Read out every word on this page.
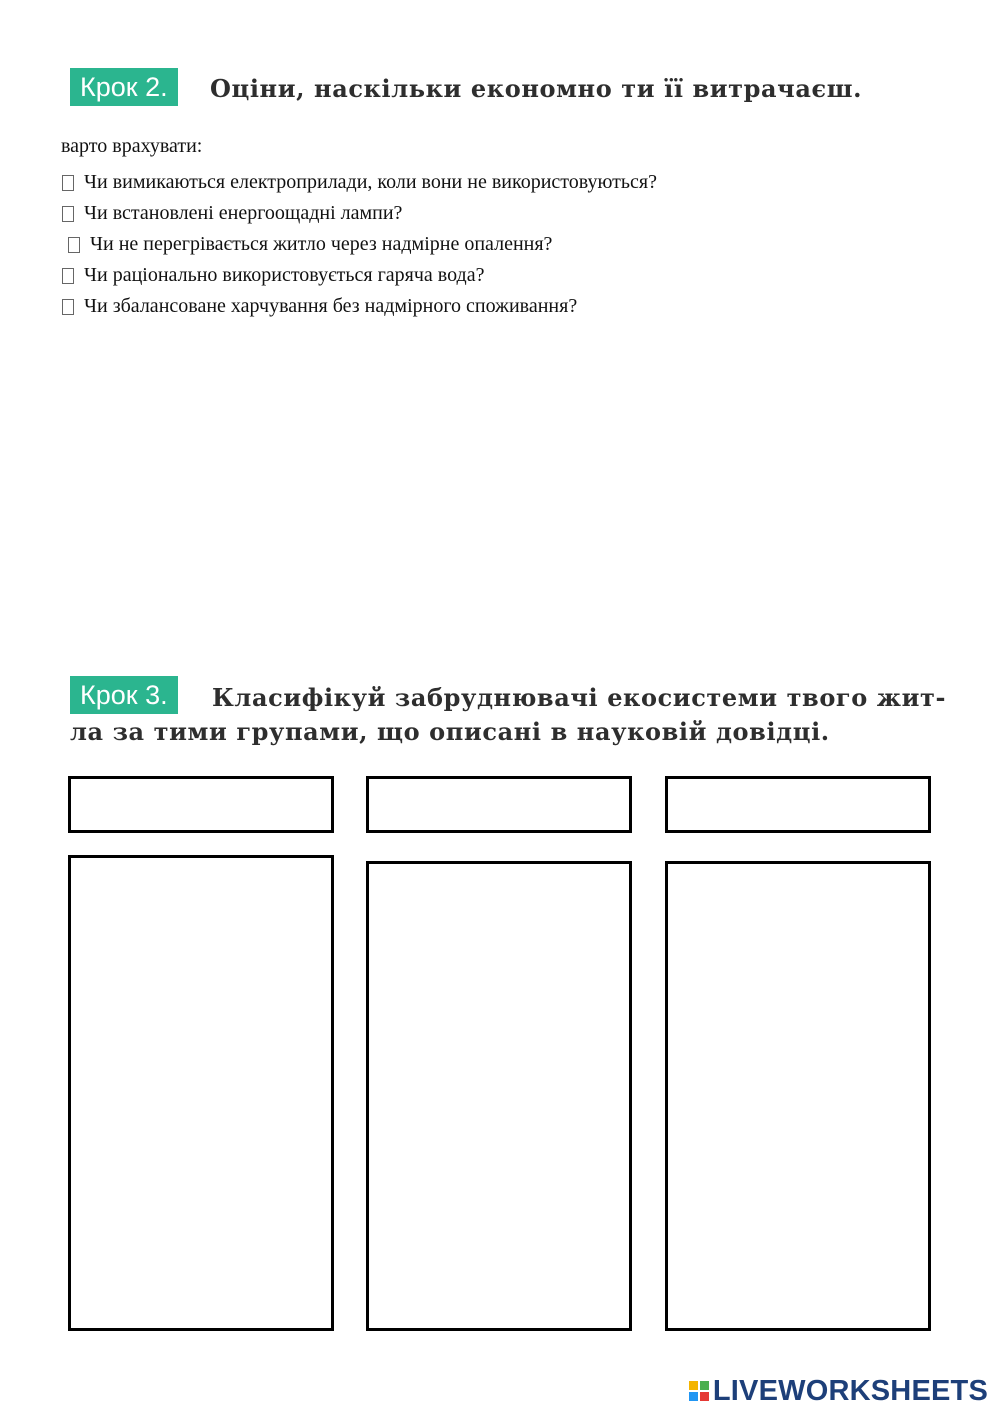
Крок 2.	Оціни, наскільки економно ти її витрачаєш.
варто врахувати:
Чи вимикаються електроприлади, коли вони не використовуються?
Чи встановлені енергоощадні лампи?
Чи не перегрівається житло через надмірне опалення?
Чи раціонально використовується гаряча вода?
Чи збалансоване харчування без надмірного споживання?
Крок 3.	Класифікуй забруднювачі екосистеми твого жит-
ла за тими групами, що описані в науковій довідці.
LIVEWORKSHEETS
